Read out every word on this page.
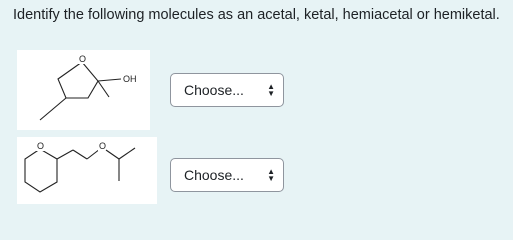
Identify the following molecules as an acetal, ketal, hemiacetal or hemiketal.
O
OH
O	O
Choose...	▲
▼
Choose...	▲
▼
